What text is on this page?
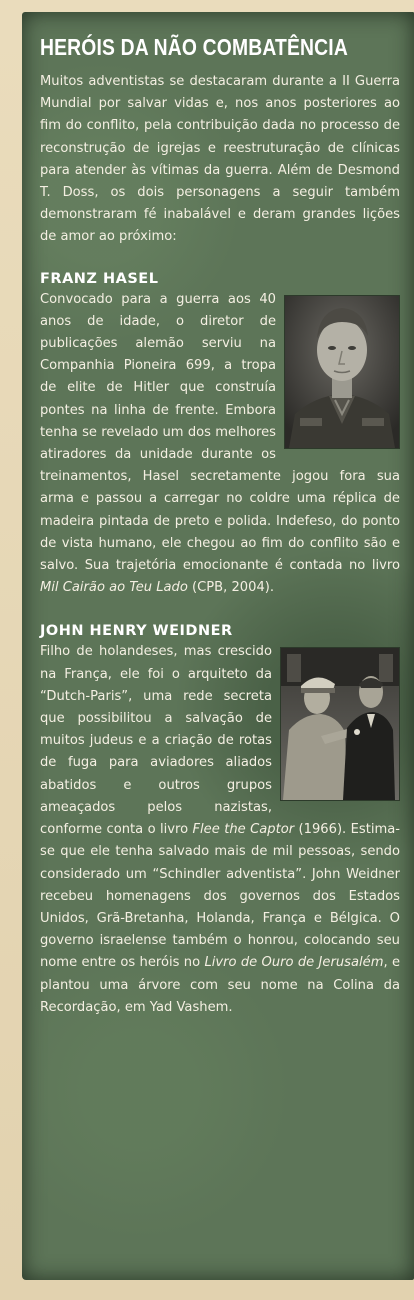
HERÓIS DA NÃO COMBATÊNCIA

Muitos adventistas se destacaram durante a II Guerra Mundial por salvar vidas e, nos anos posteriores ao fim do conflito, pela contribuição dada no processo de reconstrução de igrejas e reestruturação de clínicas para atender às vítimas da guerra. Além de Desmond T. Doss, os dois personagens a seguir também demonstraram fé inabalável e deram grandes lições de amor ao próximo:

FRANZ HASEL

Convocado para a guerra aos 40 anos de idade, o diretor de publicações alemão serviu na Companhia Pioneira 699, a tropa de elite de Hitler que construía pontes na linha de frente. Embora tenha se revelado um dos melhores atiradores da unidade durante os treinamentos, Hasel secretamente jogou fora sua arma e passou a carregar no coldre uma réplica de madeira pintada de preto e polida. Indefeso, do ponto de vista humano, ele chegou ao fim do conflito são e salvo. Sua trajetória emocionante é contada no livro Mil Cairão ao Teu Lado (CPB, 2004).

JOHN HENRY WEIDNER

Filho de holandeses, mas crescido na França, ele foi o arquiteto da “Dutch-Paris”, uma rede secreta que possibilitou a salvação de muitos judeus e a criação de rotas de fuga para aviadores aliados abatidos e outros grupos ameaçados pelos nazistas, conforme conta o livro Flee the Captor (1966). Estima-se que ele tenha salvado mais de mil pessoas, sendo considerado um “Schindler adventista”. John Weidner recebeu homenagens dos governos dos Estados Unidos, Grã-Bretanha, Holanda, França e Bélgica. O governo israelense também o honrou, colocando seu nome entre os heróis no Livro de Ouro de Jerusalém, e plantou uma árvore com seu nome na Colina da Recordação, em Yad Vashem.
